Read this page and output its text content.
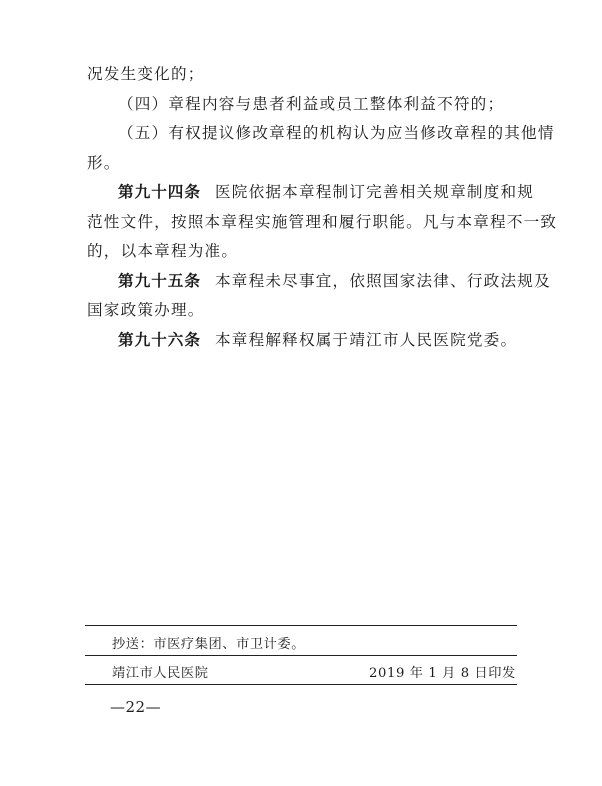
况发生变化的；
（四）章程内容与患者利益或员工整体利益不符的；
（五）有权提议修改章程的机构认为应当修改章程的其他情
形。
第九十四条 医院依据本章程制订完善相关规章制度和规
范性文件，按照本章程实施管理和履行职能。凡与本章程不一致
的，以本章程为准。
第九十五条 本章程未尽事宜，依照国家法律、行政法规及
国家政策办理。
第九十六条 本章程解释权属于靖江市人民医院党委。
抄送：市医疗集团、市卫计委。
靖江市人民医院	2019 年 1 月 8 日印发
—22—
